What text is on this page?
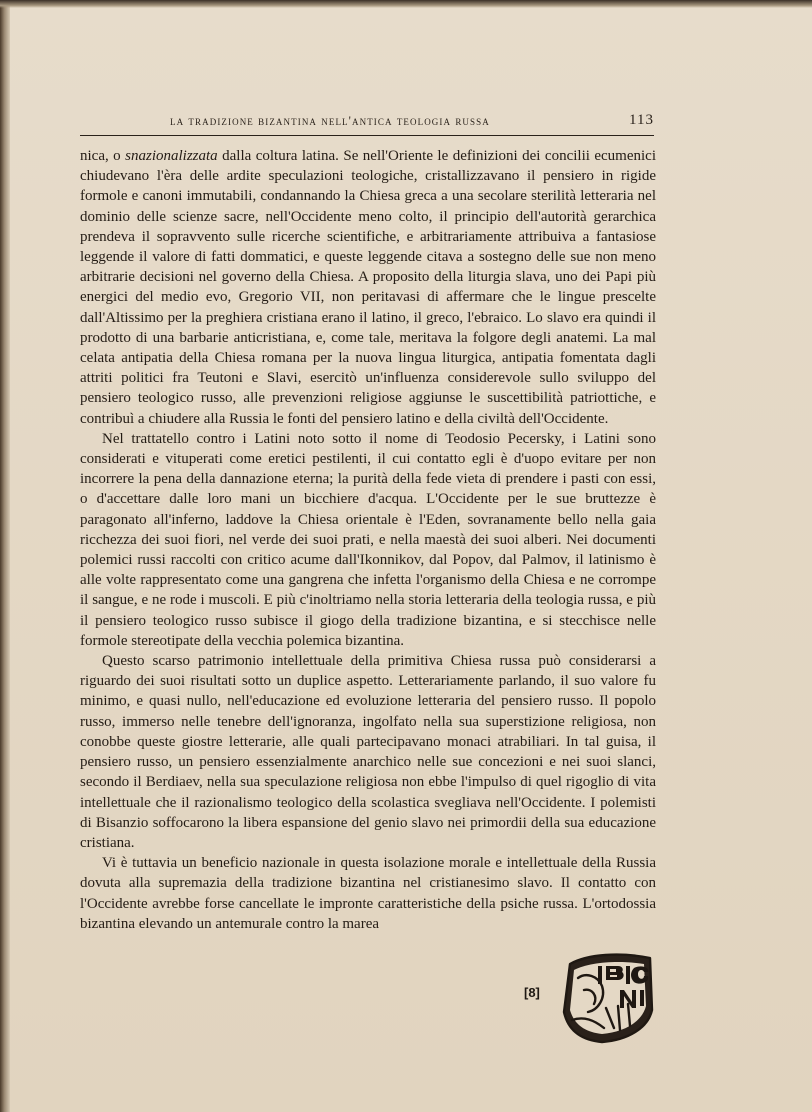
la tradizione bizantina nell'antica teologia russa	113

nica, o snazionalizzata dalla coltura latina. Se nell'Oriente le definizioni dei concilii ecumenici chiudevano l'èra delle ardite speculazioni teologiche, cristallizzavano il pensiero in rigide formole e canoni immutabili, condannando la Chiesa greca a una secolare sterilità letteraria nel dominio delle scienze sacre, nell'Occidente meno colto, il principio dell'autorità gerarchica prendeva il sopravvento sulle ricerche scientifiche, e arbitrariamente attribuiva a fantasiose leggende il valore di fatti dommatici, e queste leggende citava a sostegno delle sue non meno arbitrarie decisioni nel governo della Chiesa. A proposito della liturgia slava, uno dei Papi più energici del medio evo, Gregorio VII, non peritavasi di affermare che le lingue prescelte dall'Altissimo per la preghiera cristiana erano il latino, il greco, l'ebraico. Lo slavo era quindi il prodotto di una barbarie anticristiana, e, come tale, meritava la folgore degli anatemi. La mal celata antipatia della Chiesa romana per la nuova lingua liturgica, antipatia fomentata dagli attriti politici fra Teutoni e Slavi, esercitò un'influenza considerevole sullo sviluppo del pensiero teologico russo, alle prevenzioni religiose aggiunse le suscettibilità patriottiche, e contribuì a chiudere alla Russia le fonti del pensiero latino e della civiltà dell'Occidente.

Nel trattatello contro i Latini noto sotto il nome di Teodosio Pecersky, i Latini sono considerati e vituperati come eretici pestilenti, il cui contatto egli è d'uopo evitare per non incorrere la pena della dannazione eterna; la purità della fede vieta di prendere i pasti con essi, o d'accettare dalle loro mani un bicchiere d'acqua. L'Occidente per le sue bruttezze è paragonato all'inferno, laddove la Chiesa orientale è l'Eden, sovranamente bello nella gaia ricchezza dei suoi fiori, nel verde dei suoi prati, e nella maestà dei suoi alberi. Nei documenti polemici russi raccolti con critico acume dall'Ikonnikov, dal Popov, dal Palmov, il latinismo è alle volte rappresentato come una gangrena che infetta l'organismo della Chiesa e ne corrompe il sangue, e ne rode i muscoli. E più c'inoltriamo nella storia letteraria della teologia russa, e più il pensiero teologico russo subisce il giogo della tradizione bizantina, e si stecchisce nelle formole stereotipate della vecchia polemica bizantina.

Questo scarso patrimonio intellettuale della primitiva Chiesa russa può considerarsi a riguardo dei suoi risultati sotto un duplice aspetto. Letterariamente parlando, il suo valore fu minimo, e quasi nullo, nell'educazione ed evoluzione letteraria del pensiero russo. Il popolo russo, immerso nelle tenebre dell'ignoranza, ingolfato nella sua superstizione religiosa, non conobbe queste giostre letterarie, alle quali partecipavano monaci atrabiliari. In tal guisa, il pensiero russo, un pensiero essenzialmente anarchico nelle sue concezioni e nei suoi slanci, secondo il Berdiaev, nella sua speculazione religiosa non ebbe l'impulso di quel rigoglio di vita intellettuale che il razionalismo teologico della scolastica svegliava nell'Occidente. I polemisti di Bisanzio soffocarono la libera espansione del genio slavo nei primordii della sua educazione cristiana.

Vi è tuttavia un beneficio nazionale in questa isolazione morale e intellettuale della Russia dovuta alla supremazia della tradizione bizantina nel cristianesimo slavo. Il contatto con l'Occidente avrebbe forse cancellate le impronte caratteristiche della psiche russa. L'ortodossia bizantina elevando un antemurale contro la marea

[8]
